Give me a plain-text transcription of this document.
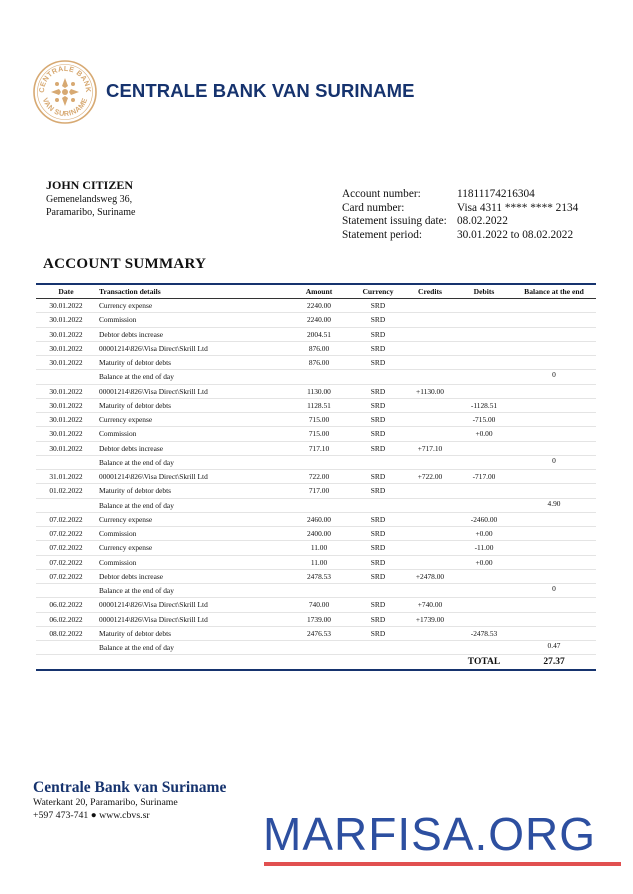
CENTRALE BANK
VAN SURINAME CENTRALE BANK VAN SURINAME
JOHN CITIZEN
Gemenelandsweg 36,
Paramaribo, Suriname
Account number:	11811174216304
Card number:	Visa 4311 **** **** 2134
Statement issuing date: 08.02.2022
Statement period:	30.01.2022 to 08.02.2022
ACCOUNT SUMMARY
Date	Transaction details	Amount	Currency	Credits	Debits	Balance at the end
30.01.2022	Currency expense	2240.00	SRD			
30.01.2022	Commission	2240.00	SRD			
30.01.2022	Debtor debts increase	2004.51	SRD			
30.01.2022	00001214\826\Visa Direct\Skrill Ltd	876.00	SRD			
30.01.2022	Maturity of debtor debts	876.00	SRD			
	Balance at the end of day					0
30.01.2022	00001214\826\Visa Direct\Skrill Ltd	1130.00	SRD	+1130.00		
30.01.2022	Maturity of debtor debts	1128.51	SRD		-1128.51	
30.01.2022	Currency expense	715.00	SRD		-715.00	
30.01.2022	Commission	715.00	SRD		+0.00	
30.01.2022	Debtor debts increase	717.10	SRD	+717.10		
	Balance at the end of day					0
31.01.2022	00001214\826\Visa Direct\Skrill Ltd	722.00	SRD	+722.00	-717.00	
01.02.2022	Maturity of debtor debts	717.00	SRD			
	Balance at the end of day					4.90
07.02.2022	Currency expense	2460.00	SRD		-2460.00	
07.02.2022	Commission	2400.00	SRD		+0.00	
07.02.2022	Currency expense	11.00	SRD		-11.00	
07.02.2022	Commission	11.00	SRD		+0.00	
07.02.2022	Debtor debts increase	2478.53	SRD	+2478.00		
	Balance at the end of day					0
06.02.2022	00001214\826\Visa Direct\Skrill Ltd	740.00	SRD	+740.00		
06.02.2022	00001214\826\Visa Direct\Skrill Ltd	1739.00	SRD	+1739.00		
08.02.2022	Maturity of debtor debts	2476.53	SRD		-2478.53	
	Balance at the end of day					0.47
					TOTAL	27.37
Centrale Bank van Suriname
Waterkant 20, Paramaribo, Suriname
+597 473-741 ● www.cbvs.sr	MARFISA.ORG
